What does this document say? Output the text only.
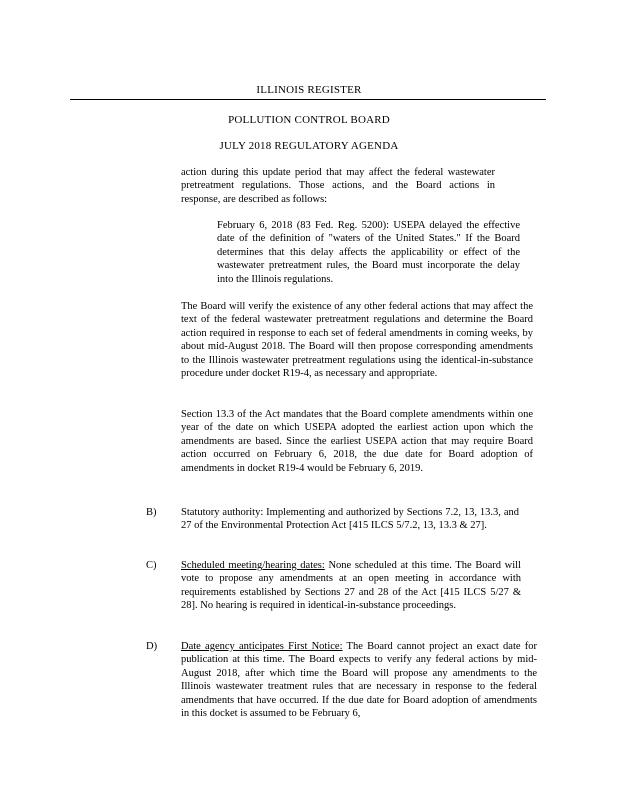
ILLINOIS REGISTER
POLLUTION CONTROL BOARD
JULY 2018 REGULATORY AGENDA

action during this update period that may affect the federal wastewater pretreatment regulations. Those actions, and the Board actions in response, are described as follows:

February 6, 2018 (83 Fed. Reg. 5200): USEPA delayed the effective date of the definition of "waters of the United States." If the Board determines that this delay affects the applicability or effect of the wastewater pretreatment rules, the Board must incorporate the delay into the Illinois regulations.

The Board will verify the existence of any other federal actions that may affect the text of the federal wastewater pretreatment regulations and determine the Board action required in response to each set of federal amendments in coming weeks, by about mid-August 2018. The Board will then propose corresponding amendments to the Illinois wastewater pretreatment regulations using the identical-in-substance procedure under docket R19-4, as necessary and appropriate.

Section 13.3 of the Act mandates that the Board complete amendments within one year of the date on which USEPA adopted the earliest action upon which the amendments are based. Since the earliest USEPA action that may require Board action occurred on February 6, 2018, the due date for Board adoption of amendments in docket R19-4 would be February 6, 2019.

B) Statutory authority: Implementing and authorized by Sections 7.2, 13, 13.3, and 27 of the Environmental Protection Act [415 ILCS 5/7.2, 13, 13.3 & 27].

C) Scheduled meeting/hearing dates: None scheduled at this time. The Board will vote to propose any amendments at an open meeting in accordance with requirements established by Sections 27 and 28 of the Act [415 ILCS 5/27 & 28]. No hearing is required in identical-in-substance proceedings.

D) Date agency anticipates First Notice: The Board cannot project an exact date for publication at this time. The Board expects to verify any federal actions by mid-August 2018, after which time the Board will propose any amendments to the Illinois wastewater treatment rules that are necessary in response to the federal amendments that have occurred. If the due date for Board adoption of amendments in this docket is assumed to be February 6,
